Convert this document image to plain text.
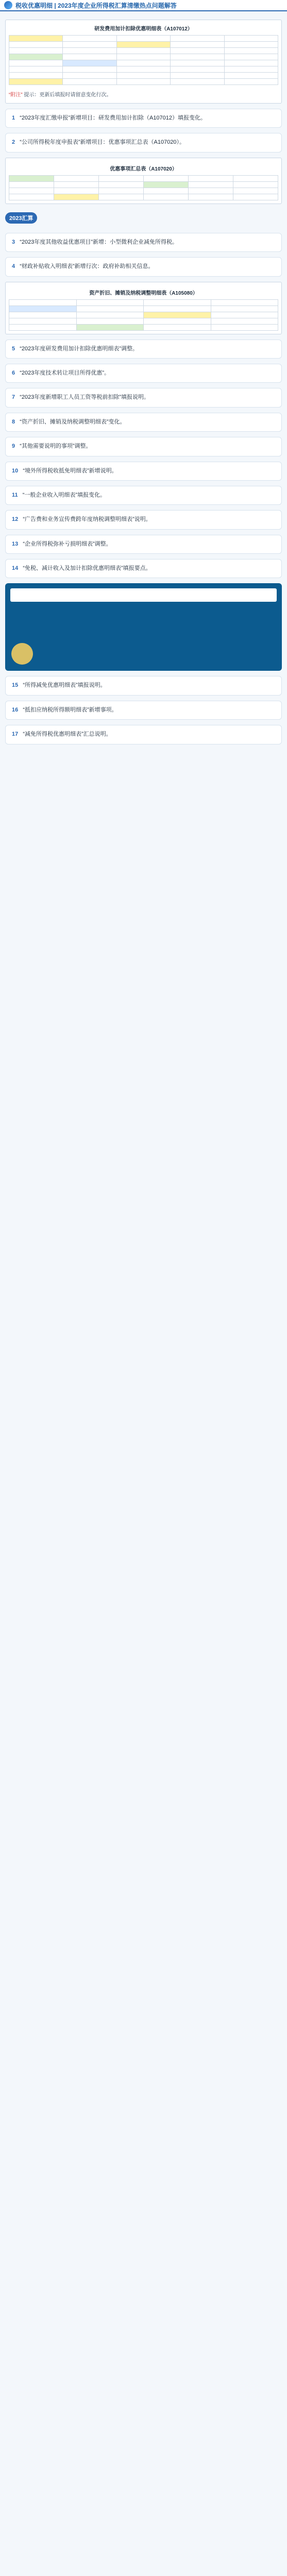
税收优惠明细 | 2023年度企业所得税汇算清缴热点问题解答
研发费用加计扣除优惠明细表（A107012）

“附注” 提示：更新后填报时请留意变化行次。
1 “2023年度汇缴申报”新增项目：研发费用加计扣除（A107012）填报变化。
2 “公司所得税年度申报表”新增项目：优惠事项汇总表（A107020）。
优惠事项汇总表（A107020）

2023汇算
3 “2023年度其他收益优惠项目”新增：小型微利企业减免所得税。
4 “财政补贴收入明细表”新增行次：政府补助相关信息。
资产折旧、摊销及纳税调整明细表（A105080）

5 “2023年度研发费用加计扣除优惠明细表”调整。
6 “2023年度技术转让项目所得优惠”。
7 “2023年度新增职工人员工资等税前扣除”填报说明。
8 “资产折旧、摊销及纳税调整明细表”变化。
9 “其他需要说明的事项”调整。
10 “境外所得税收抵免明细表”新增说明。
11 “一般企业收入明细表”填报变化。
12 “广告费和业务宣传费跨年度纳税调整明细表”说明。
13 “企业所得税弥补亏损明细表”调整。
14 “免税、减计收入及加计扣除优惠明细表”填报要点。
15 “所得减免优惠明细表”填报说明。
16 “抵扣应纳税所得额明细表”新增事项。
17 “减免所得税优惠明细表”汇总说明。
